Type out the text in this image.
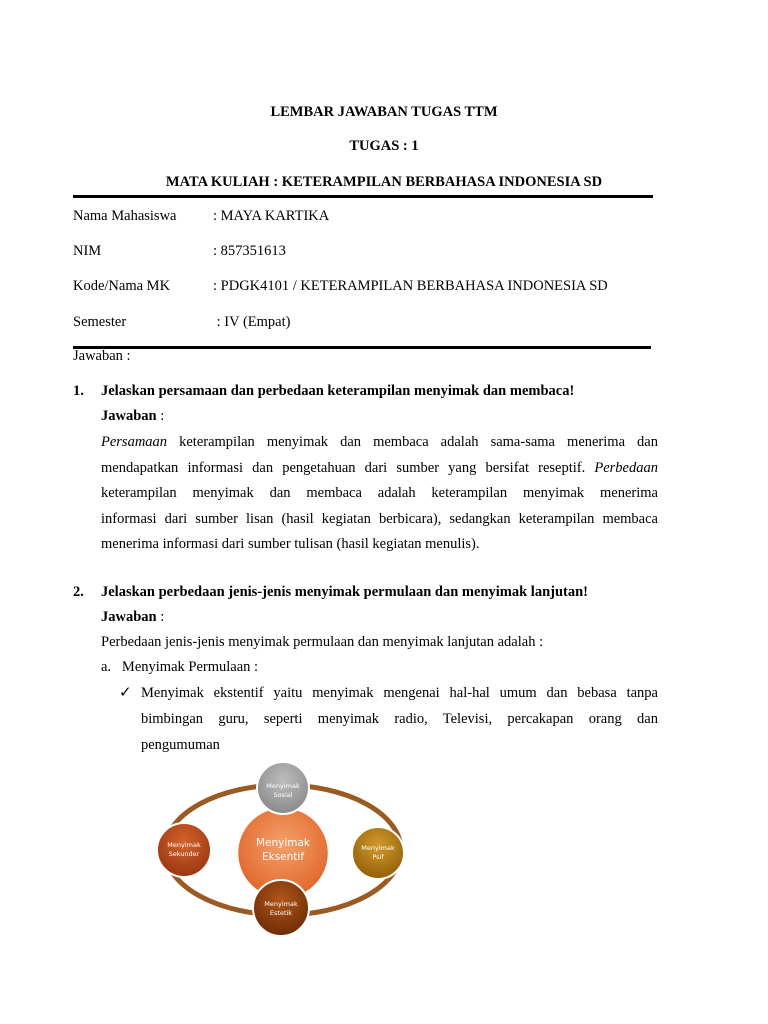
LEMBAR JAWABAN TUGAS TTM
TUGAS : 1
MATA KULIAH : KETERAMPILAN BERBAHASA INDONESIA SD
Nama Mahasiswa	: MAYA KARTIKA
NIM	: 857351613
Kode/Nama MK	: PDGK4101 / KETERAMPILAN BERBAHASA INDONESIA SD
Semester	: IV (Empat)
Jawaban :
1. Jelaskan persamaan dan perbedaan keterampilan menyimak dan membaca!
Jawaban :
Persamaan keterampilan menyimak dan membaca adalah sama-sama menerima dan
mendapatkan informasi dan pengetahuan dari sumber yang bersifat reseptif. Perbedaan
keterampilan menyimak dan membaca adalah keterampilan menyimak menerima
informasi dari sumber lisan (hasil kegiatan berbicara), sedangkan keterampilan membaca
menerima informasi dari sumber tulisan (hasil kegiatan menulis).
2. Jelaskan perbedaan jenis-jenis menyimak permulaan dan menyimak lanjutan!
Jawaban :
Perbedaan jenis-jenis menyimak permulaan dan menyimak lanjutan adalah :
a.   Menyimak Permulaan :
✓ Menyimak ekstentif yaitu menyimak mengenai hal-hal umum dan bebasa tanpa
bimbingan guru, seperti menyimak radio, Televisi, percakapan orang dan
pengumuman
Menyimak
Eksentif
Menyimak
Sosial
Menyimak
Sekunder
Menyimak
Psif
Menyimak
Estetik
